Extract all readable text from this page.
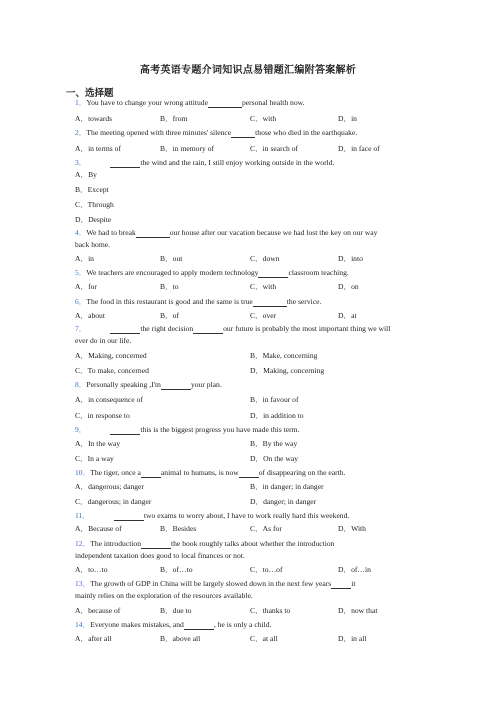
高考英语专题介词知识点易错题汇编附答案解析
一、选择题
1．You have to change your wrong attitude	personal health now.
A．towards	B．from	C．with	D．in
2．The meeting opened with three minutes' silence	those who died in the earthquake.
A．in terms of	B．in memory of	C．in search of	D．in face of
3．	the wind and the rain, I still enjoy working outside in the world.
A．By
B．Except
C．Through
D．Despite
4．We had to break	our house after our vacation because we had lost the key on our way
back home.
A．in	B．out	C．down	D．into
5．We teachers are encouraged to apply modern technology	classroom teaching.
A．for	B．to	C．with	D．on
6．The food in this restaurant is good and the same is true	the service.
A．about	B．of	C．over	D．at
7．	the right decision	our future is probably the most important thing we will
ever do in our life.
A．Making, concerned	B．Make, concerning
C．To make, concerned	D．Making, concerning
8．Personally speaking ,I'm	your plan.
A．in consequence of	B．in favour of
C．in response to	D．in addition to
9．	this is the biggest progress you have made this term.
A．In the way	B．By the way
C．In a way	D．On the way
10．The tiger, once a	animal to humans, is now	of disappearing on the earth.
A．dangerous; danger	B．in danger; in danger
C．dangerous; in danger	D．danger; in danger
11．	two exams to worry about, I have to work really hard this weekend.
A．Because of	B．Besides	C．As for	D．With
12．The introduction	the book roughly talks about whether the introduction
independent taxation does good to local finances or not.
A．to…to	B．of…to	C．to…of	D．of…in
13．The growth of GDP in China will be largely slowed down in the next few years	it
mainly relies on the exploration of the resources available.
A．because of	B．due to	C．thanks to	D．now that
14．Everyone makes mistakes, and	, he is only a child.
A．after all	B．above all	C．at all	D．in all
